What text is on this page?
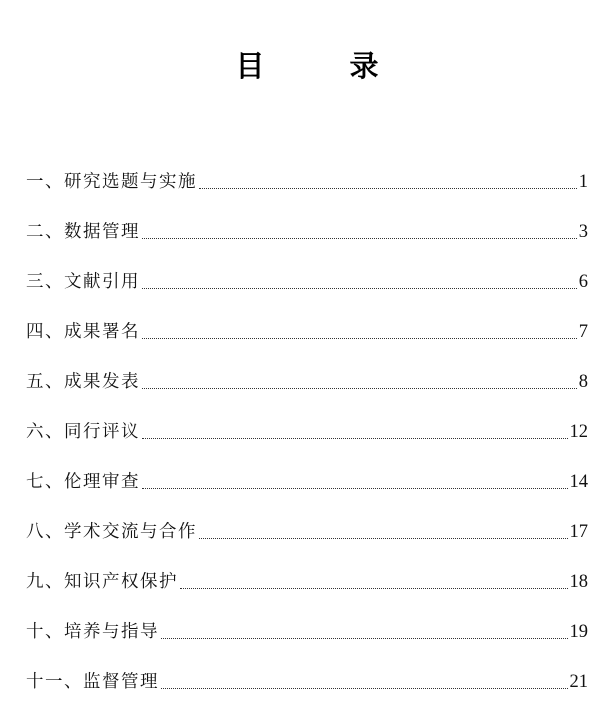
目　录
一、研究选题与实施	1
二、数据管理	3
三、文献引用	6
四、成果署名	7
五、成果发表	8
六、同行评议	12
七、伦理审查	14
八、学术交流与合作	17
九、知识产权保护	18
十、培养与指导	19
十一、监督管理	21
